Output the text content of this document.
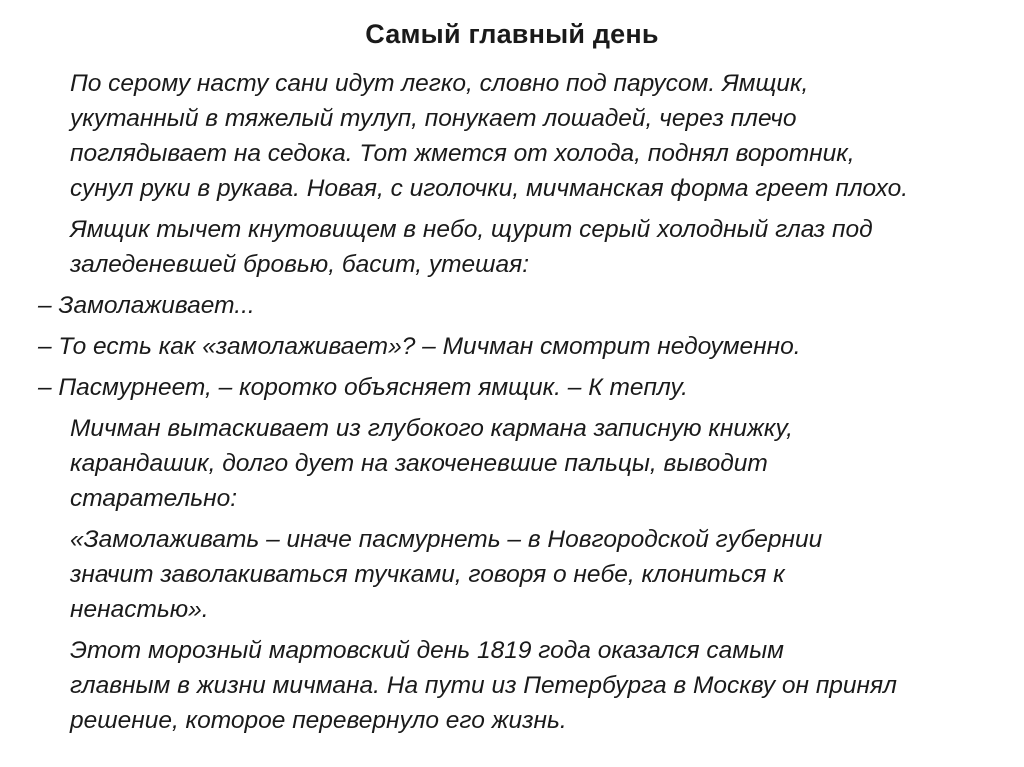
Самый главный день
По серому насту сани идут легко, словно под парусом. Ямщик,
укутанный в тяжелый тулуп, понукает лошадей, через плечо
поглядывает на седока. Тот жмется от холода, поднял воротник,
сунул руки в рукава. Новая, с иголочки, мичманская форма греет плохо.
Ямщик тычет кнутовищем в небо, щурит серый холодный глаз под
заледеневшей бровью, басит, утешая:
– Замолаживает...
– То есть как «замолаживает»? – Мичман смотрит недоуменно.
– Пасмурнеет, – коротко объясняет ямщик. – К теплу.
Мичман вытаскивает из глубокого кармана записную книжку,
карандашик, долго дует на закоченевшие пальцы, выводит
старательно:
«Замолаживать – иначе пасмурнеть – в Новгородской губернии
значит заволакиваться тучками, говоря о небе, клониться к
ненастью».
Этот морозный мартовский день 1819 года оказался самым
главным в жизни мичмана. На пути из Петербурга в Москву он принял
решение, которое перевернуло его жизнь.
